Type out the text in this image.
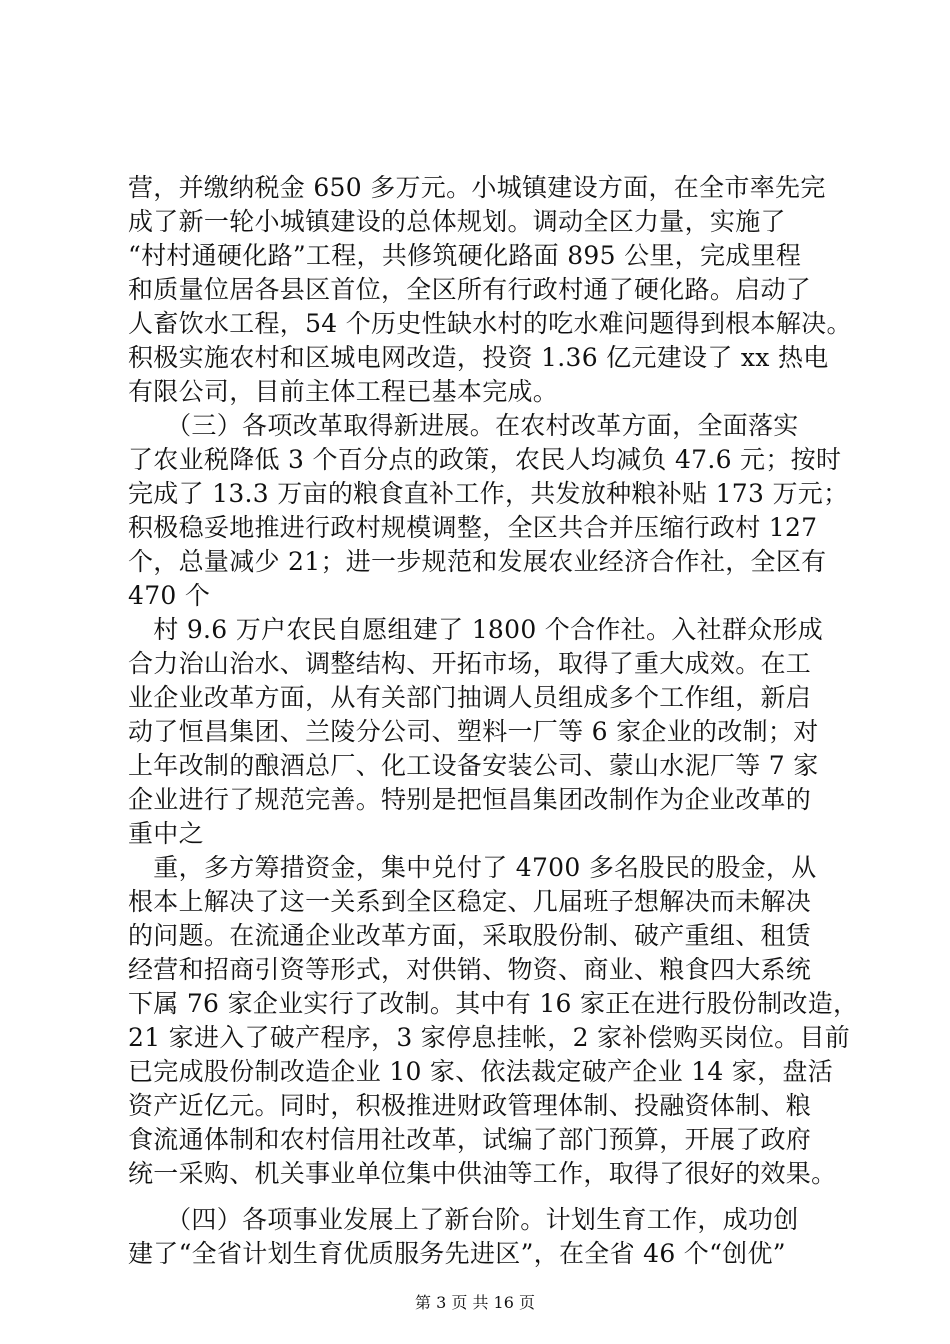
营，并缴纳税金 650 多万元。小城镇建设方面，在全市率先完
成了新一轮小城镇建设的总体规划。调动全区力量，实施了
“村村通硬化路”工程，共修筑硬化路面 895 公里，完成里程
和质量位居各县区首位，全区所有行政村通了硬化路。启动了
人畜饮水工程，54 个历史性缺水村的吃水难问题得到根本解决。
积极实施农村和区城电网改造，投资 1.36 亿元建设了 xx 热电
有限公司，目前主体工程已基本完成。
　　（三）各项改革取得新进展。在农村改革方面，全面落实
了农业税降低 3 个百分点的政策，农民人均减负 47.6 元；按时
完成了 13.3 万亩的粮食直补工作，共发放种粮补贴 173 万元；
积极稳妥地推进行政村规模调整，全区共合并压缩行政村 127
个，总量减少 21；进一步规范和发展农业经济合作社，全区有
470 个
　村 9.6 万户农民自愿组建了 1800 个合作社。入社群众形成
合力治山治水、调整结构、开拓市场，取得了重大成效。在工
业企业改革方面，从有关部门抽调人员组成多个工作组，新启
动了恒昌集团、兰陵分公司、塑料一厂等 6 家企业的改制；对
上年改制的酿酒总厂、化工设备安装公司、蒙山水泥厂等 7 家
企业进行了规范完善。特别是把恒昌集团改制作为企业改革的
重中之
　重，多方筹措资金，集中兑付了 4700 多名股民的股金，从
根本上解决了这一关系到全区稳定、几届班子想解决而未解决
的问题。在流通企业改革方面，采取股份制、破产重组、租赁
经营和招商引资等形式，对供销、物资、商业、粮食四大系统
下属 76 家企业实行了改制。其中有 16 家正在进行股份制改造，
21 家进入了破产程序，3 家停息挂帐，2 家补偿购买岗位。目前
已完成股份制改造企业 10 家、依法裁定破产企业 14 家，盘活
资产近亿元。同时，积极推进财政管理体制、投融资体制、粮
食流通体制和农村信用社改革，试编了部门预算，开展了政府
统一采购、机关事业单位集中供油等工作，取得了很好的效果。
　　（四）各项事业发展上了新台阶。计划生育工作，成功创
建了“全省计划生育优质服务先进区”，在全省 46 个“创优”
第 3 页 共 16 页
